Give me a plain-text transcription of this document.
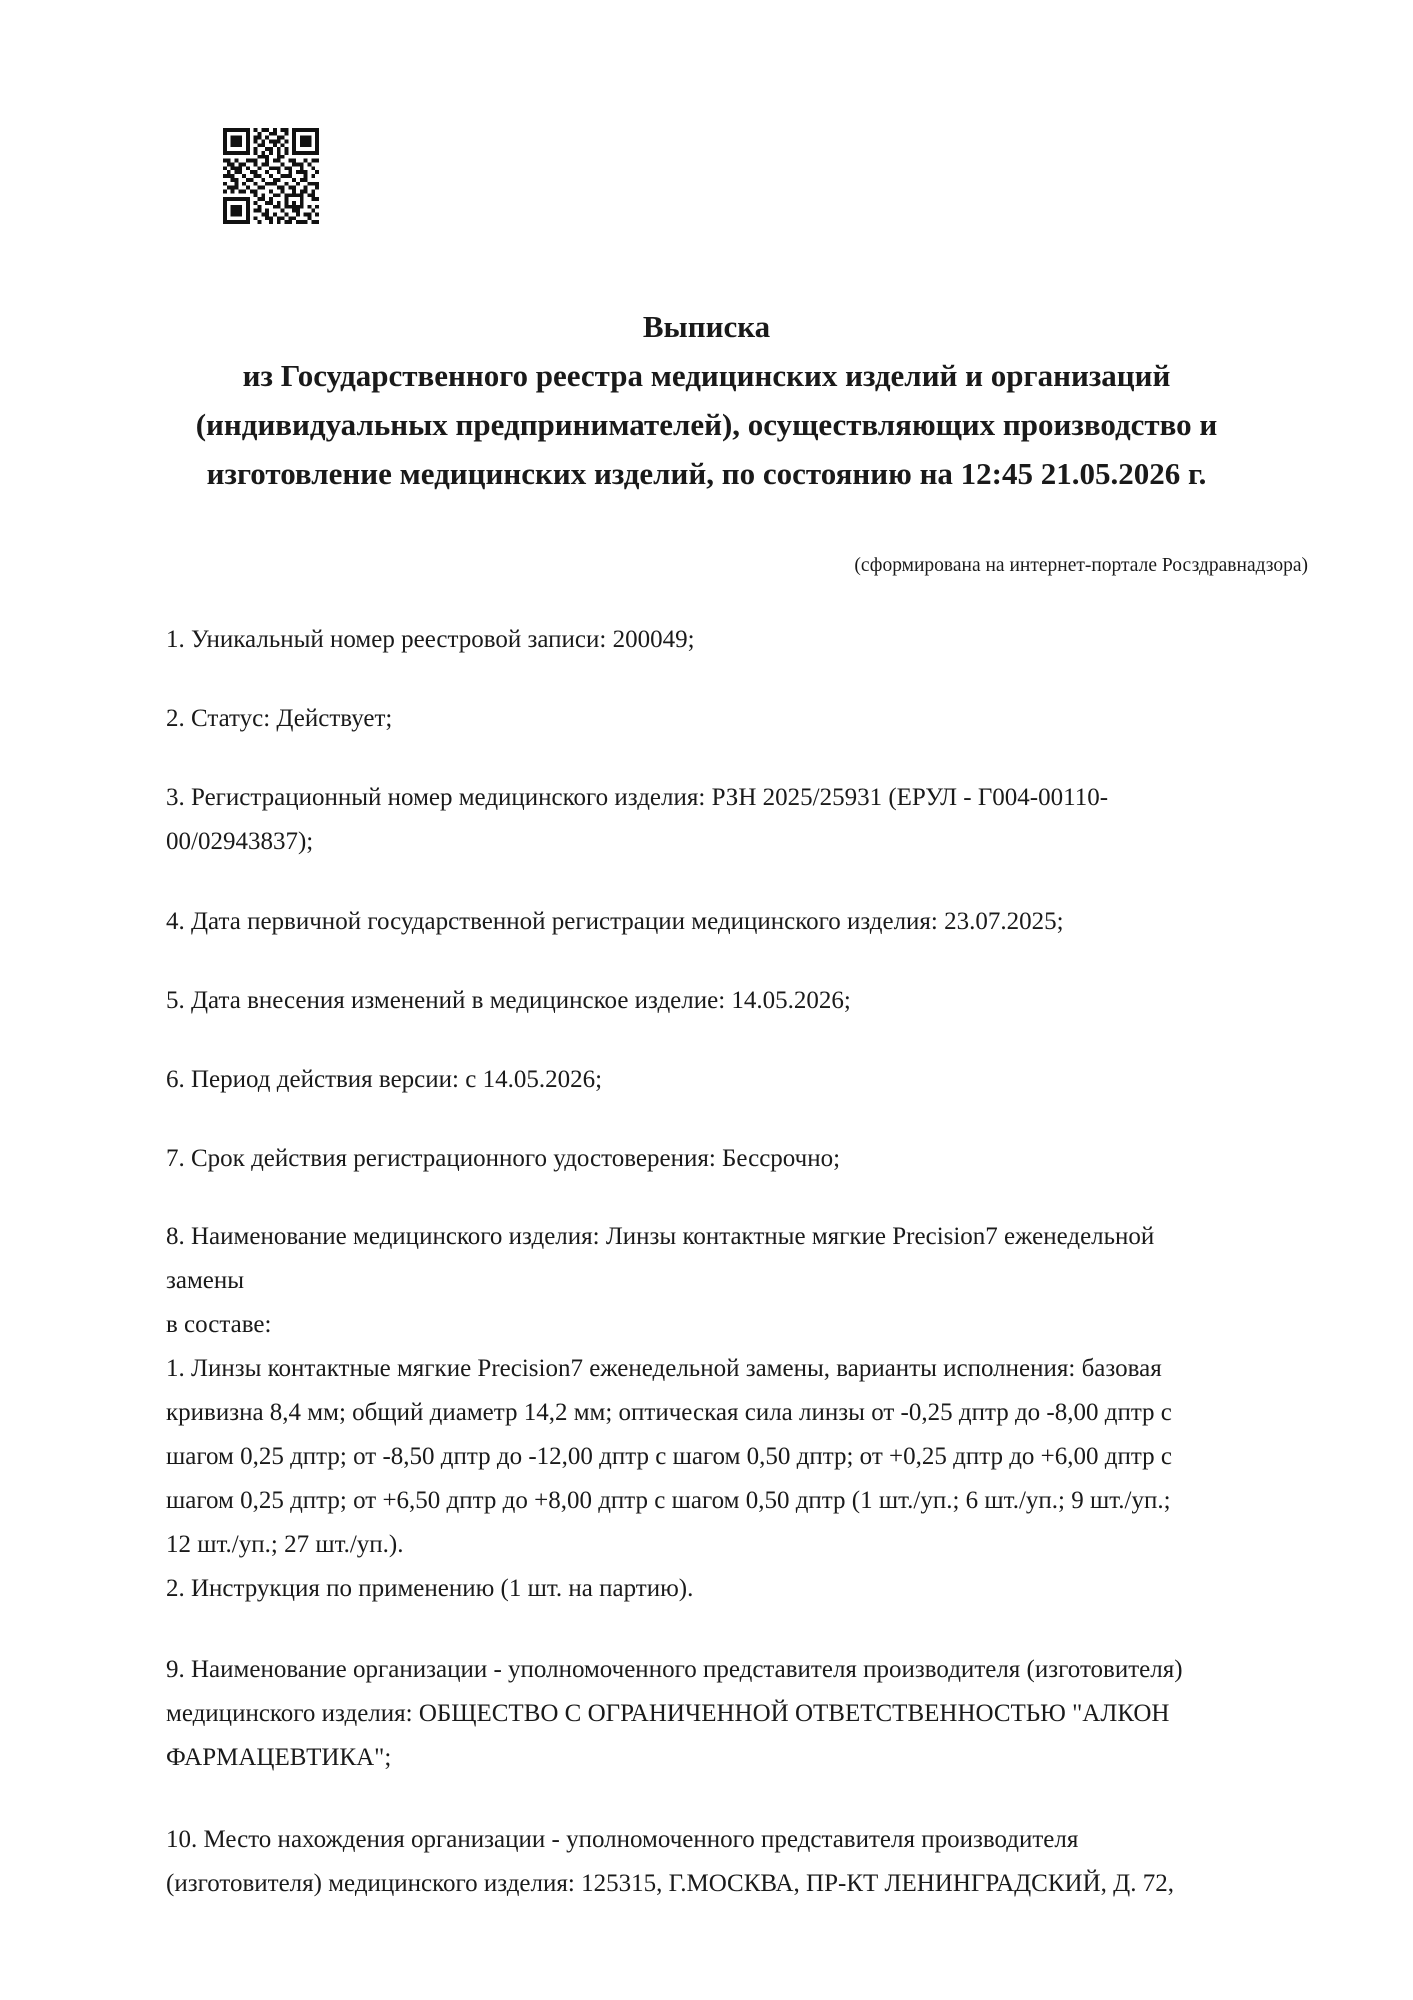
Выписка
из Государственного реестра медицинских изделий и организаций
(индивидуальных предпринимателей), осуществляющих производство и
изготовление медицинских изделий, по состоянию на 12:45 21.05.2026 г.
(сформирована на интернет-портале Росздравнадзора)
1. Уникальный номер реестровой записи: 200049;
2. Статус: Действует;
3. Регистрационный номер медицинского изделия: РЗН 2025/25931 (ЕРУЛ - Г004-00110-
00/02943837);
4. Дата первичной государственной регистрации медицинского изделия: 23.07.2025;
5. Дата внесения изменений в медицинское изделие: 14.05.2026;
6. Период действия версии: с 14.05.2026;
7. Срок действия регистрационного удостоверения: Бессрочно;
8. Наименование медицинского изделия: Линзы контактные мягкие Precision7 еженедельной
замены
в составе:
1. Линзы контактные мягкие Precision7 еженедельной замены, варианты исполнения: базовая
кривизна 8,4 мм; общий диаметр 14,2 мм; оптическая сила линзы от -0,25 дптр до -8,00 дптр с
шагом 0,25 дптр; от -8,50 дптр до -12,00 дптр с шагом 0,50 дптр; от +0,25 дптр до +6,00 дптр с
шагом 0,25 дптр; от +6,50 дптр до +8,00 дптр с шагом 0,50 дптр (1 шт./уп.; 6 шт./уп.; 9 шт./уп.;
12 шт./уп.; 27 шт./уп.).
2. Инструкция по применению (1 шт. на партию).
9. Наименование организации - уполномоченного представителя производителя (изготовителя)
медицинского изделия: ОБЩЕСТВО С ОГРАНИЧЕННОЙ ОТВЕТСТВЕННОСТЬЮ "АЛКОН
ФАРМАЦЕВТИКА";
10. Место нахождения организации - уполномоченного представителя производителя
(изготовителя) медицинского изделия: 125315, Г.МОСКВА, ПР-КТ ЛЕНИНГРАДСКИЙ, Д. 72,
